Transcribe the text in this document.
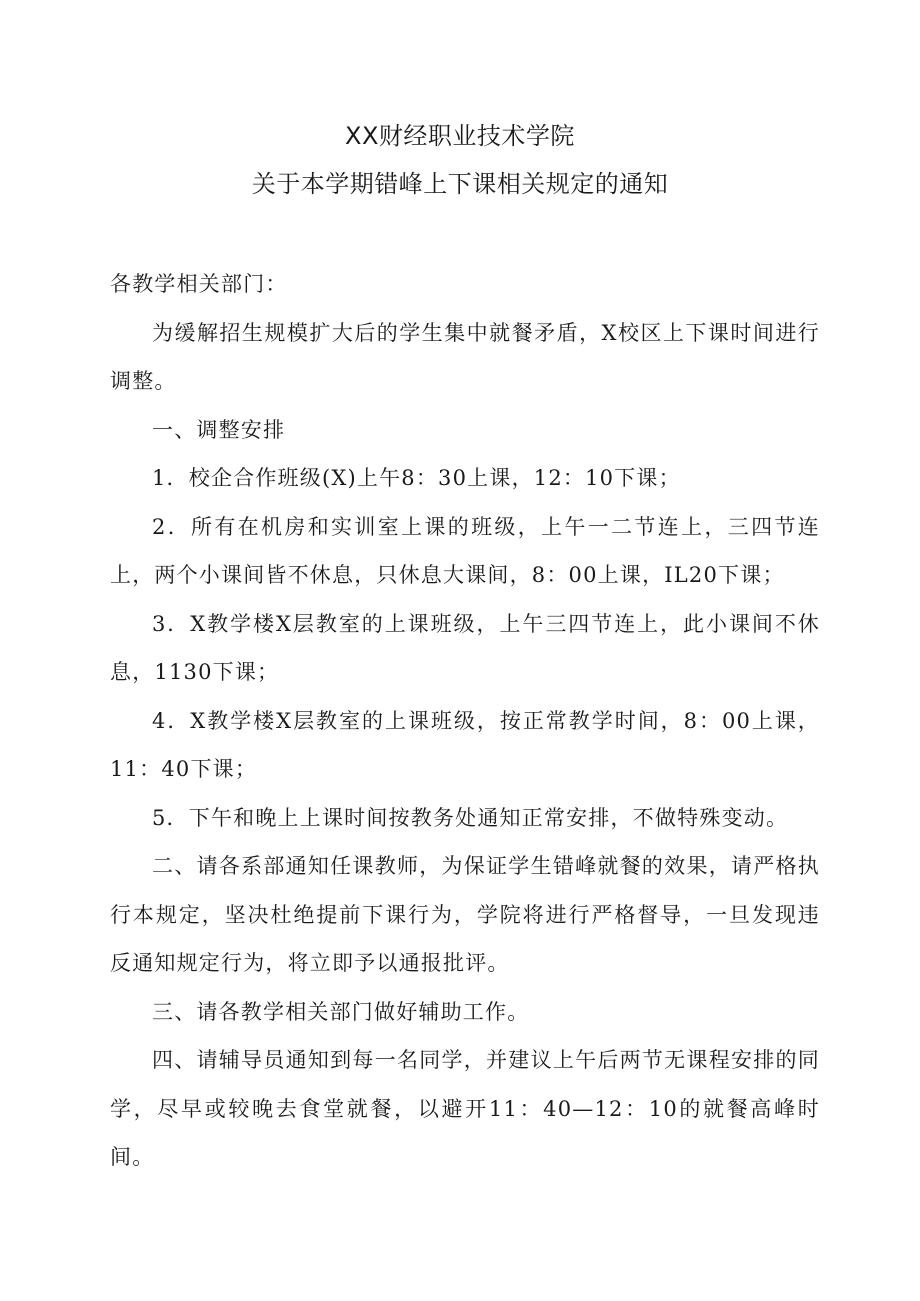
XX财经职业技术学院
关于本学期错峰上下课相关规定的通知

各教学相关部门：

为缓解招生规模扩大后的学生集中就餐矛盾，X校区上下课时间进行调整。

一、调整安排

1．校企合作班级(X)上午8：30上课，12：10下课；

2．所有在机房和实训室上课的班级，上午一二节连上，三四节连上，两个小课间皆不休息，只休息大课间，8：00上课，IL20下课；

3．X教学楼X层教室的上课班级，上午三四节连上，此小课间不休息，1130下课；

4．X教学楼X层教室的上课班级，按正常教学时间，8：00上课，11：40下课；

5．下午和晚上上课时间按教务处通知正常安排，不做特殊变动。

二、请各系部通知任课教师，为保证学生错峰就餐的效果，请严格执行本规定，坚决杜绝提前下课行为，学院将进行严格督导，一旦发现违反通知规定行为，将立即予以通报批评。

三、请各教学相关部门做好辅助工作。

四、请辅导员通知到每一名同学，并建议上午后两节无课程安排的同学，尽早或较晚去食堂就餐，以避开11：40—12：10的就餐高峰时间。
